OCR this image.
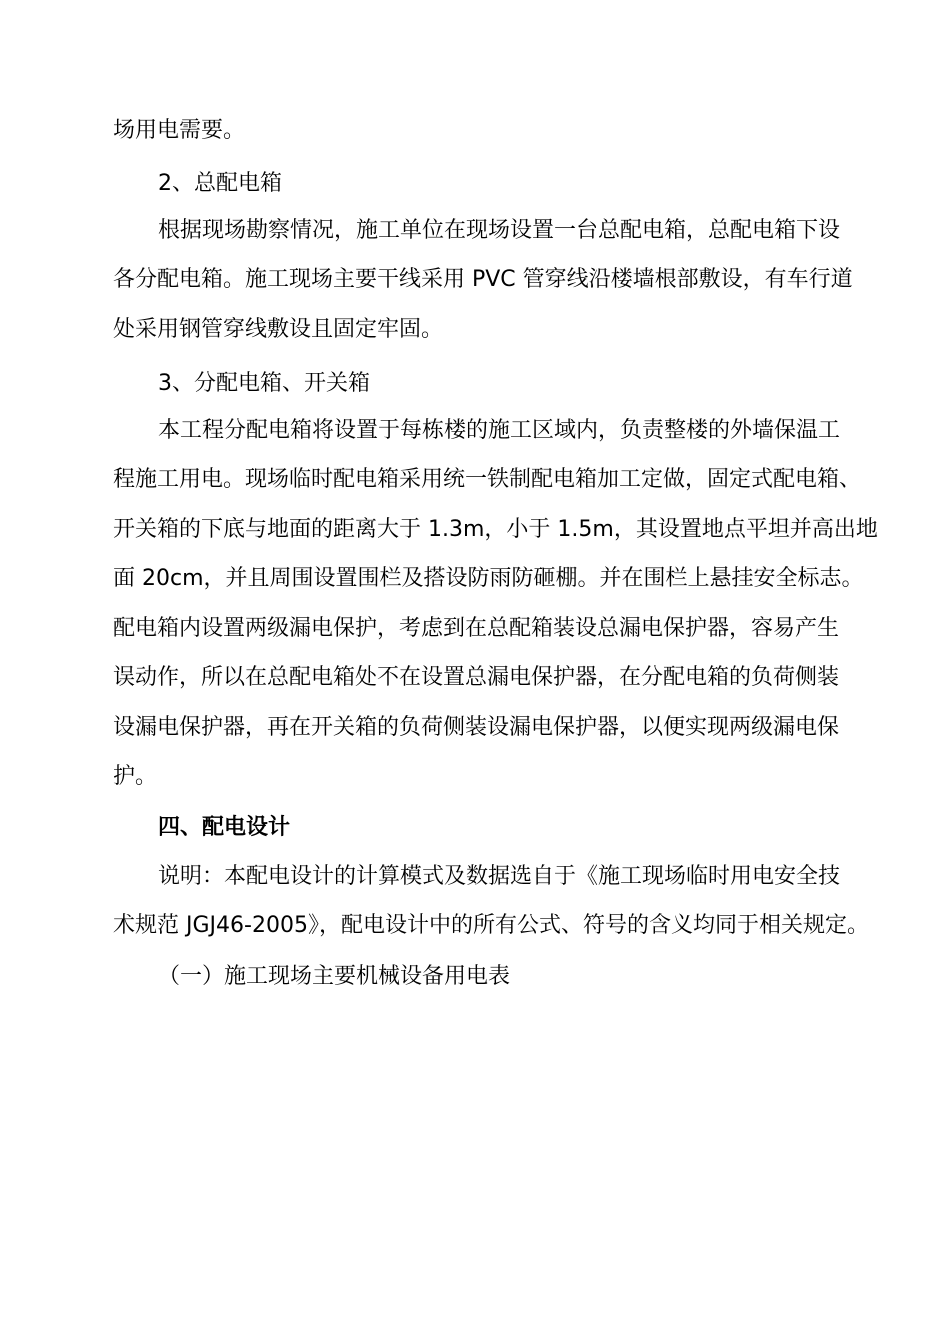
场用电需要。
2、总配电箱
根据现场勘察情况，施工单位在现场设置一台总配电箱，总配电箱下设
各分配电箱。施工现场主要干线采用 PVC 管穿线沿楼墙根部敷设，有车行道
处采用钢管穿线敷设且固定牢固。
3、分配电箱、开关箱
本工程分配电箱将设置于每栋楼的施工区域内，负责整楼的外墙保温工
程施工用电。现场临时配电箱采用统一铁制配电箱加工定做，固定式配电箱、
开关箱的下底与地面的距离大于 1.3m，小于 1.5m，其设置地点平坦并高出地
面 20cm，并且周围设置围栏及搭设防雨防砸棚。并在围栏上悬挂安全标志。
配电箱内设置两级漏电保护，考虑到在总配箱装设总漏电保护器，容易产生
误动作，所以在总配电箱处不在设置总漏电保护器，在分配电箱的负荷侧装
设漏电保护器，再在开关箱的负荷侧装设漏电保护器，以便实现两级漏电保
护。
四、配电设计
说明：本配电设计的计算模式及数据选自于《施工现场临时用电安全技
术规范 JGJ46-2005》，配电设计中的所有公式、符号的含义均同于相关规定。
（一）施工现场主要机械设备用电表
